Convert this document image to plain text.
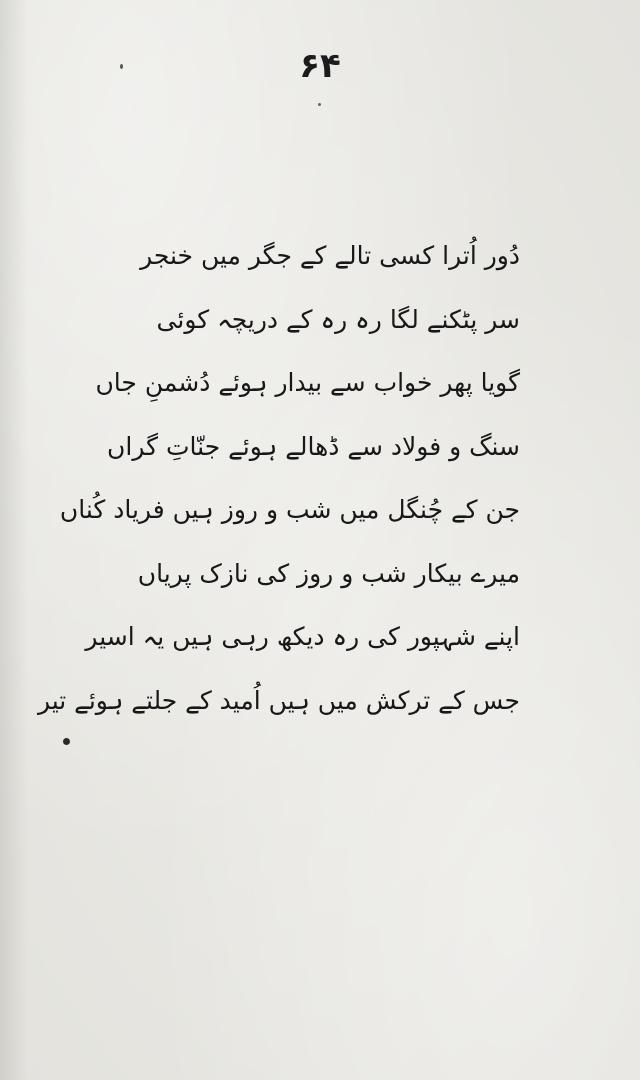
۶۴
دُور اُترا کسی تالے کے جگر میں خنجر
سر پٹکنے لگا رہ رہ کے دریچہ کوئی
گویا پھر خواب سے بیدار ہوئے دُشمنِ جاں
سنگ و فولاد سے ڈھالے ہوئے جنّاتِ گراں
جن کے چُنگل میں شب و روز ہیں فریاد کُناں
میرے بیکار شب و روز کی نازک پریاں
اپنے شہپور کی رہ دیکھ رہی ہیں یہ اسیر
جس کے ترکش میں ہیں اُمید کے جلتے ہوئے تیر
